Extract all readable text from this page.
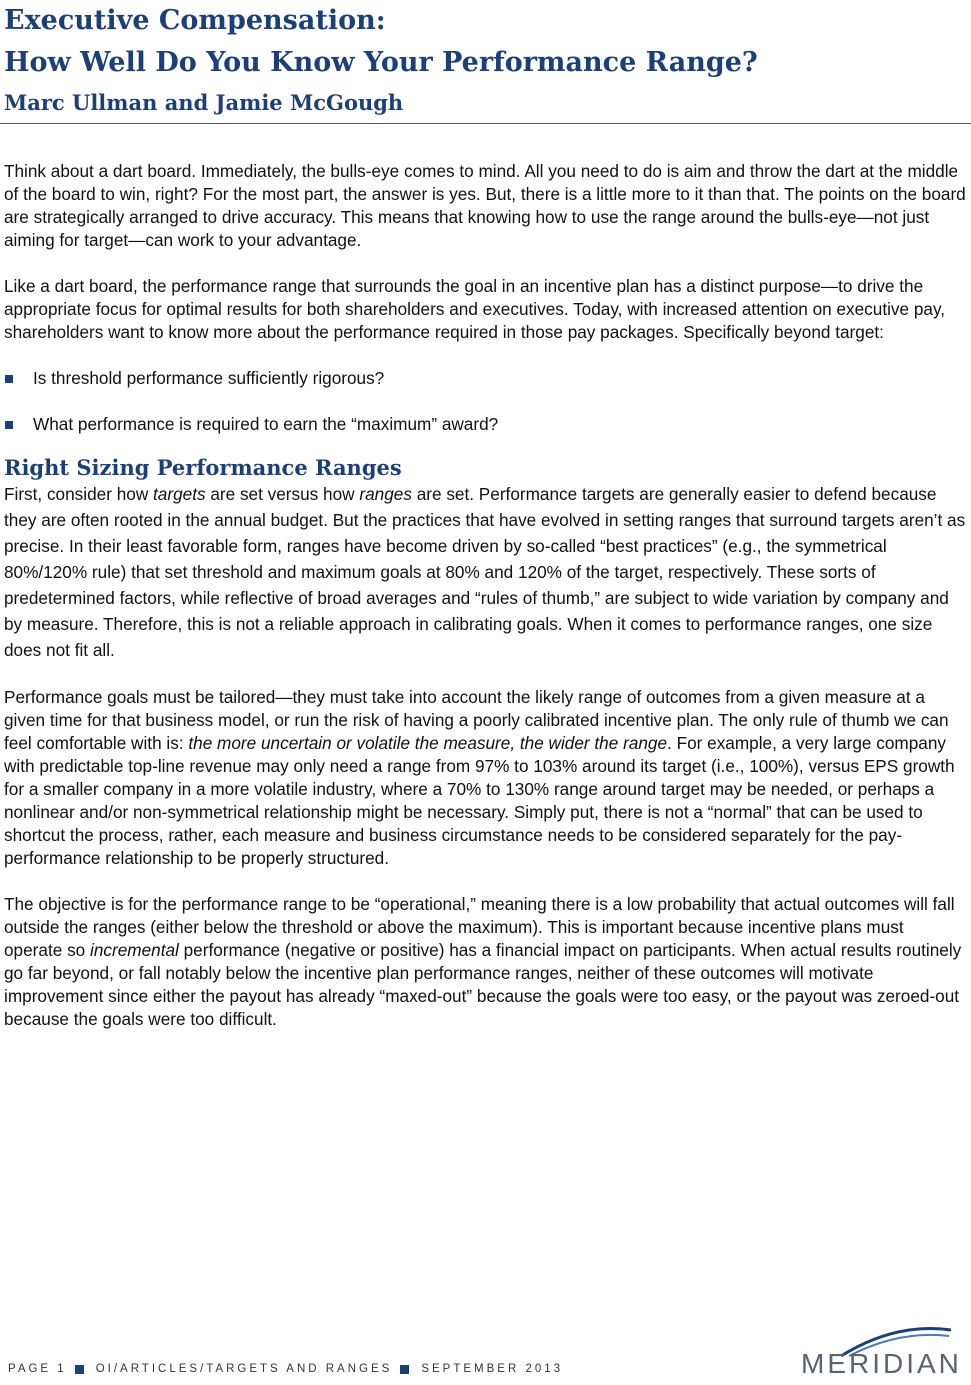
Executive Compensation:
How Well Do You Know Your Performance Range?
Marc Ullman and Jamie McGough

Think about a dart board. Immediately, the bulls-eye comes to mind. All you need to do is aim and throw the dart at the middle of the board to win, right? For the most part, the answer is yes. But, there is a little more to it than that. The points on the board are strategically arranged to drive accuracy. This means that knowing how to use the range around the bulls-eye—not just aiming for target—can work to your advantage.

Like a dart board, the performance range that surrounds the goal in an incentive plan has a distinct purpose—to drive the appropriate focus for optimal results for both shareholders and executives. Today, with increased attention on executive pay, shareholders want to know more about the performance required in those pay packages. Specifically beyond target:

Is threshold performance sufficiently rigorous?
What performance is required to earn the “maximum” award?
Right Sizing Performance Ranges

First, consider how targets are set versus how ranges are set. Performance targets are generally easier to defend because they are often rooted in the annual budget. But the practices that have evolved in setting ranges that surround targets aren’t as precise. In their least favorable form, ranges have become driven by so-called “best practices” (e.g., the symmetrical 80%/120% rule) that set threshold and maximum goals at 80% and 120% of the target, respectively. These sorts of predetermined factors, while reflective of broad averages and “rules of thumb,” are subject to wide variation by company and by measure. Therefore, this is not a reliable approach in calibrating goals. When it comes to performance ranges, one size does not fit all.

Performance goals must be tailored—they must take into account the likely range of outcomes from a given measure at a given time for that business model, or run the risk of having a poorly calibrated incentive plan. The only rule of thumb we can feel comfortable with is: the more uncertain or volatile the measure, the wider the range. For example, a very large company with predictable top-line revenue may only need a range from 97% to 103% around its target (i.e., 100%), versus EPS growth for a smaller company in a more volatile industry, where a 70% to 130% range around target may be needed, or perhaps a nonlinear and/or non-symmetrical relationship might be necessary. Simply put, there is not a “normal” that can be used to shortcut the process, rather, each measure and business circumstance needs to be considered separately for the pay-performance relationship to be properly structured.

The objective is for the performance range to be “operational,” meaning there is a low probability that actual outcomes will fall outside the ranges (either below the threshold or above the maximum). This is important because incentive plans must operate so incremental performance (negative or positive) has a financial impact on participants. When actual results routinely go far beyond, or fall notably below the incentive plan performance ranges, neither of these outcomes will motivate improvement since either the payout has already “maxed-out” because the goals were too easy, or the payout was zeroed-out because the goals were too difficult.

PAGE 1	OI/ARTICLES/TARGETS AND RANGES	SEPTEMBER 2013	MERIDIAN
